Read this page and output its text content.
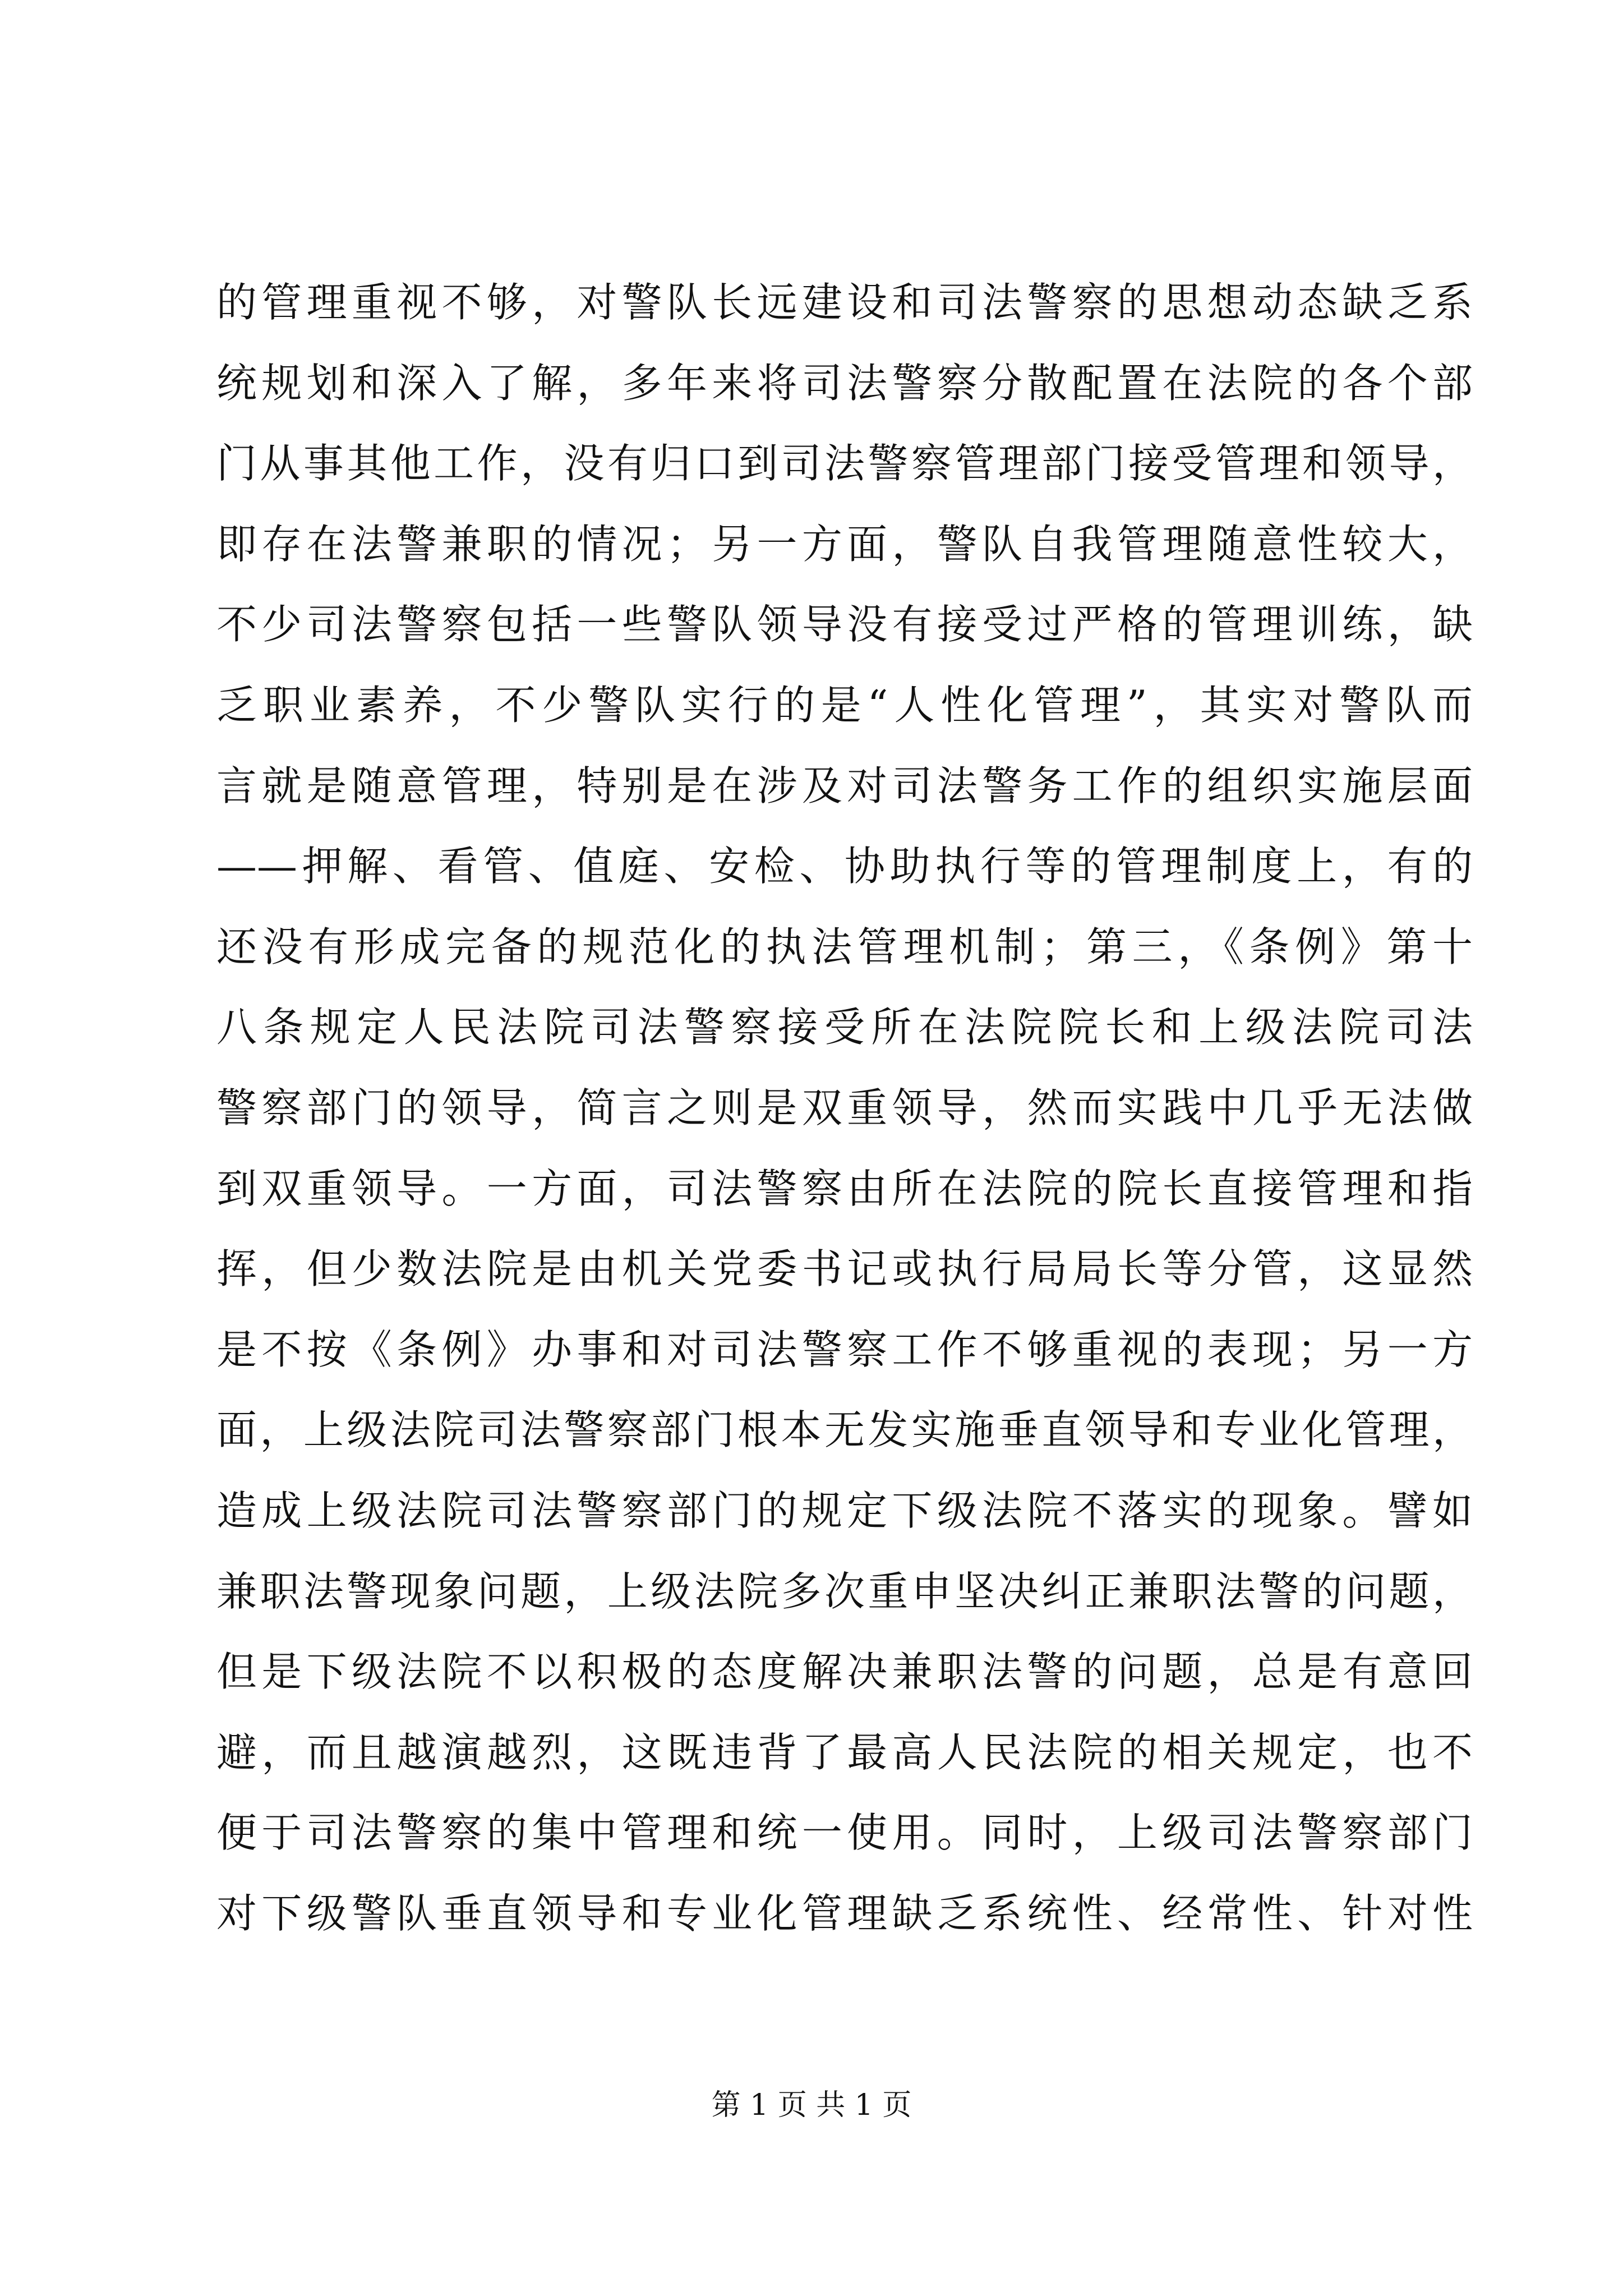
的管理重视不够，对警队长远建设和司法警察的思想动态缺乏系
统规划和深入了解，多年来将司法警察分散配置在法院的各个部
门从事其他工作，没有归口到司法警察管理部门接受管理和领导，
即存在法警兼职的情况；另一方面，警队自我管理随意性较大，
不少司法警察包括一些警队领导没有接受过严格的管理训练，缺
乏职业素养，不少警队实行的是“人性化管理”，其实对警队而
言就是随意管理，特别是在涉及对司法警务工作的组织实施层面
——押解、看管、值庭、安检、协助执行等的管理制度上，有的
还没有形成完备的规范化的执法管理机制；第三，《条例》第十
八条规定人民法院司法警察接受所在法院院长和上级法院司法
警察部门的领导，简言之则是双重领导，然而实践中几乎无法做
到双重领导。一方面，司法警察由所在法院的院长直接管理和指
挥，但少数法院是由机关党委书记或执行局局长等分管，这显然
是不按《条例》办事和对司法警察工作不够重视的表现；另一方
面，上级法院司法警察部门根本无发实施垂直领导和专业化管理，
造成上级法院司法警察部门的规定下级法院不落实的现象。譬如
兼职法警现象问题，上级法院多次重申坚决纠正兼职法警的问题，
但是下级法院不以积极的态度解决兼职法警的问题，总是有意回
避，而且越演越烈，这既违背了最高人民法院的相关规定，也不
便于司法警察的集中管理和统一使用。同时，上级司法警察部门
对下级警队垂直领导和专业化管理缺乏系统性、经常性、针对性
第 1 页 共 1 页
